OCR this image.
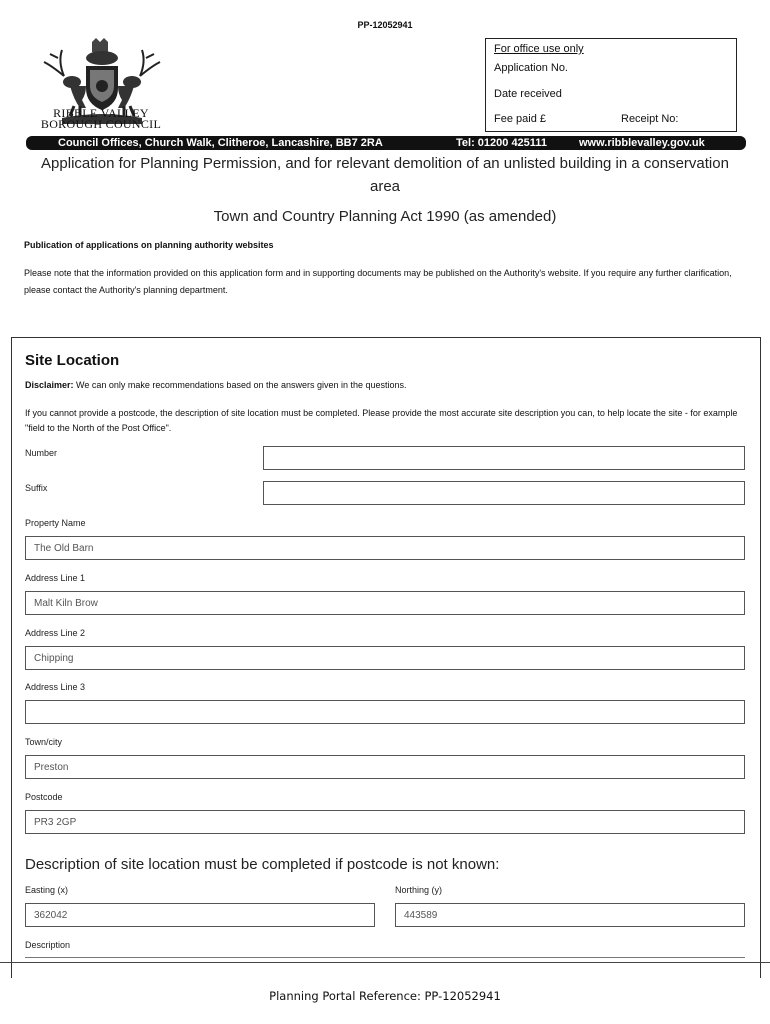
PP-12052941
RIBBLE VALLEY
BOROUGH COUNCIL
For office use only
Application No.
Date received
Fee paid £	Receipt No:
Council Offices, Church Walk, Clitheroe, Lancashire, BB7 2RA	Tel: 01200 425111	www.ribblevalley.gov.uk
Application for Planning Permission, and for relevant demolition of an unlisted building in a conservation area
Town and Country Planning Act 1990 (as amended)
Publication of applications on planning authority websites
Please note that the information provided on this application form and in supporting documents may be published on the Authority's website. If you require any further clarification, please contact the Authority's planning department.
Site Location
Disclaimer: We can only make recommendations based on the answers given in the questions.
If you cannot provide a postcode, the description of site location must be completed. Please provide the most accurate site description you can, to help locate the site - for example "field to the North of the Post Office".
Number
Suffix
Property Name
The Old Barn
Address Line 1
Malt Kiln Brow
Address Line 2
Chipping
Address Line 3
Town/city
Preston
Postcode
PR3 2GP
Description of site location must be completed if postcode is not known:
Easting (x)
362042
Northing (y)
443589
Description
Planning Portal Reference: PP-12052941
